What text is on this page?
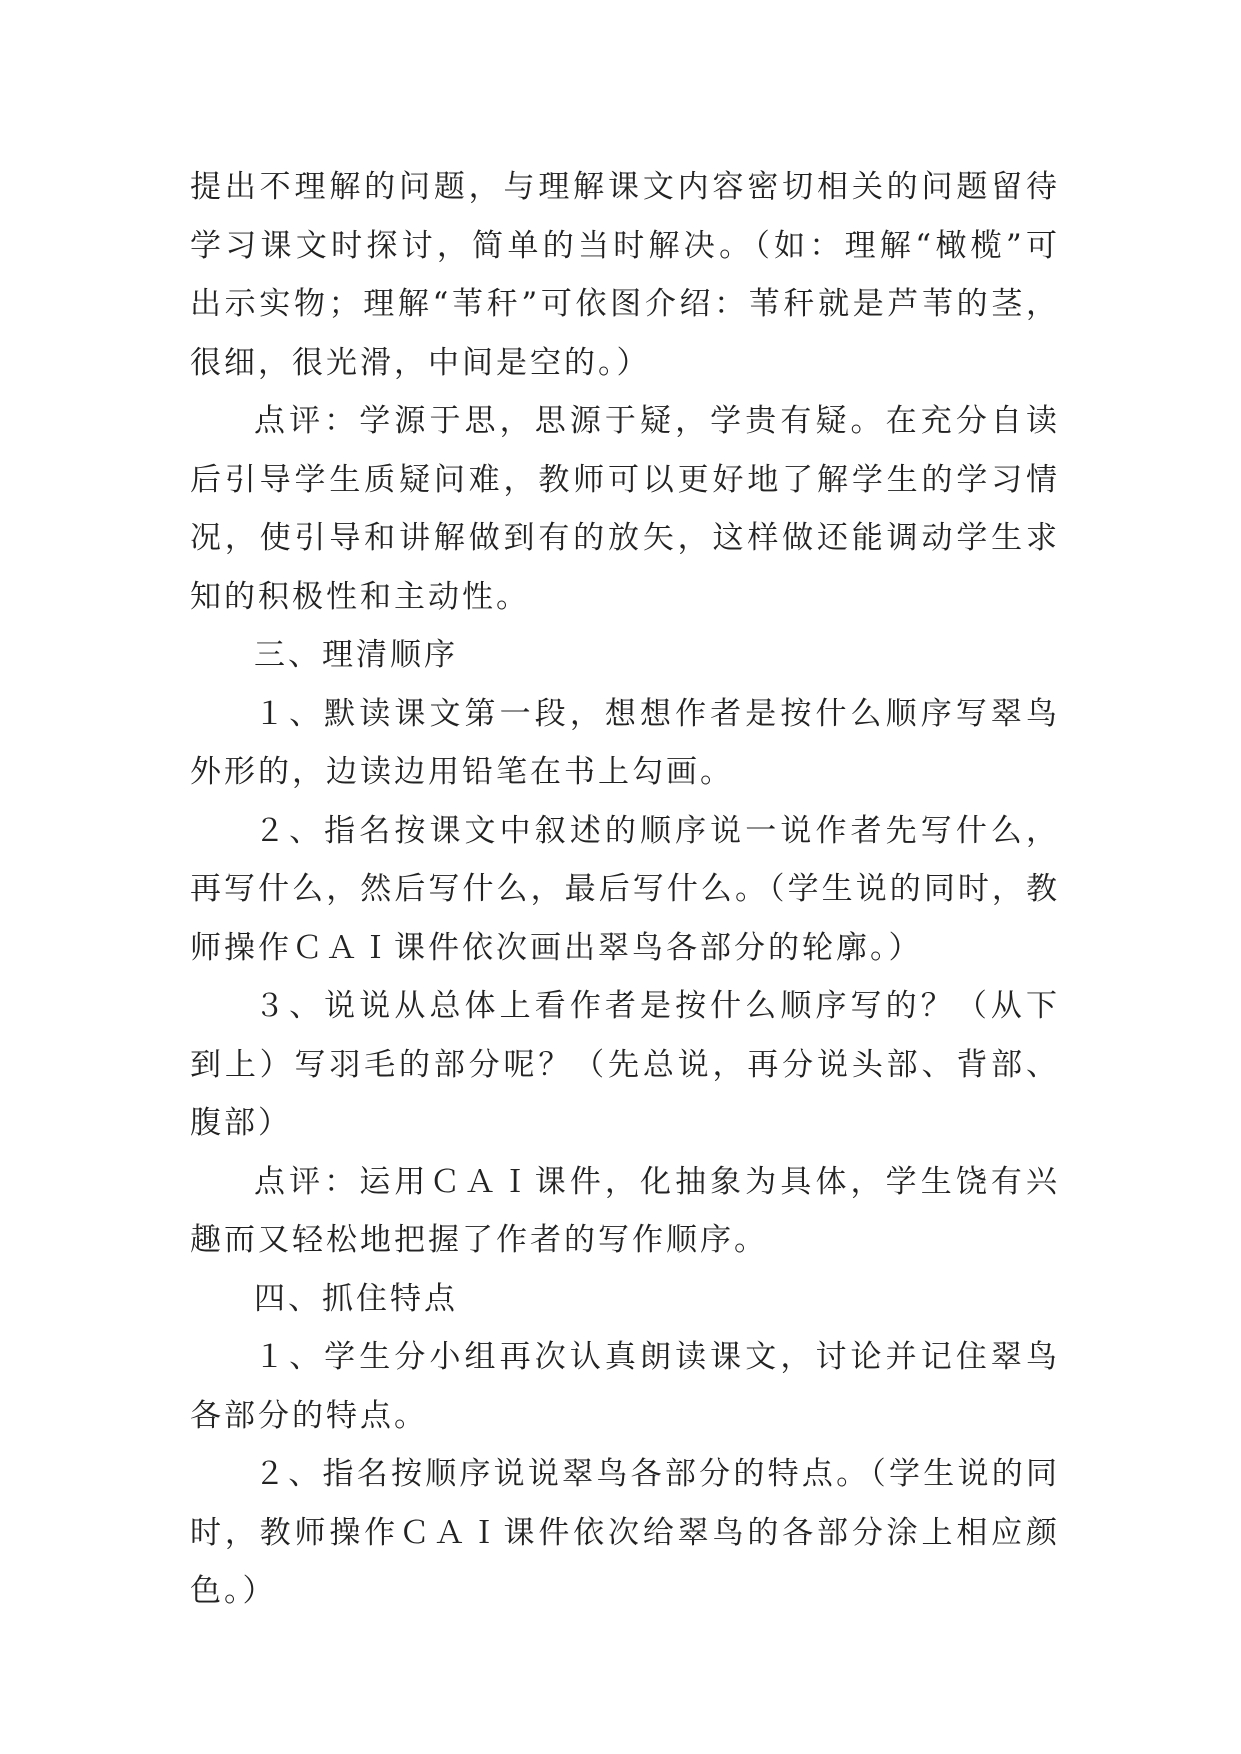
提出不理解的问题，与理解课文内容密切相关的问题留待学习课文时探讨，简单的当时解决。（如：理解“橄榄”可出示实物；理解“苇秆”可依图介绍：苇秆就是芦苇的茎，很细，很光滑，中间是空的。）

点评：学源于思，思源于疑，学贵有疑。在充分自读后引导学生质疑问难，教师可以更好地了解学生的学习情况，使引导和讲解做到有的放矢，这样做还能调动学生求知的积极性和主动性。

三、理清顺序

１、默读课文第一段，想想作者是按什么顺序写翠鸟外形的，边读边用铅笔在书上勾画。

２、指名按课文中叙述的顺序说一说作者先写什么，再写什么，然后写什么，最后写什么。（学生说的同时，教师操作ＣＡＩ课件依次画出翠鸟各部分的轮廓。）

３、说说从总体上看作者是按什么顺序写的？（从下到上）写羽毛的部分呢？（先总说，再分说头部、背部、腹部）

点评：运用ＣＡＩ课件，化抽象为具体，学生饶有兴趣而又轻松地把握了作者的写作顺序。

四、抓住特点

１、学生分小组再次认真朗读课文，讨论并记住翠鸟各部分的特点。

２、指名按顺序说说翠鸟各部分的特点。（学生说的同时，教师操作ＣＡＩ课件依次给翠鸟的各部分涂上相应颜色。）
